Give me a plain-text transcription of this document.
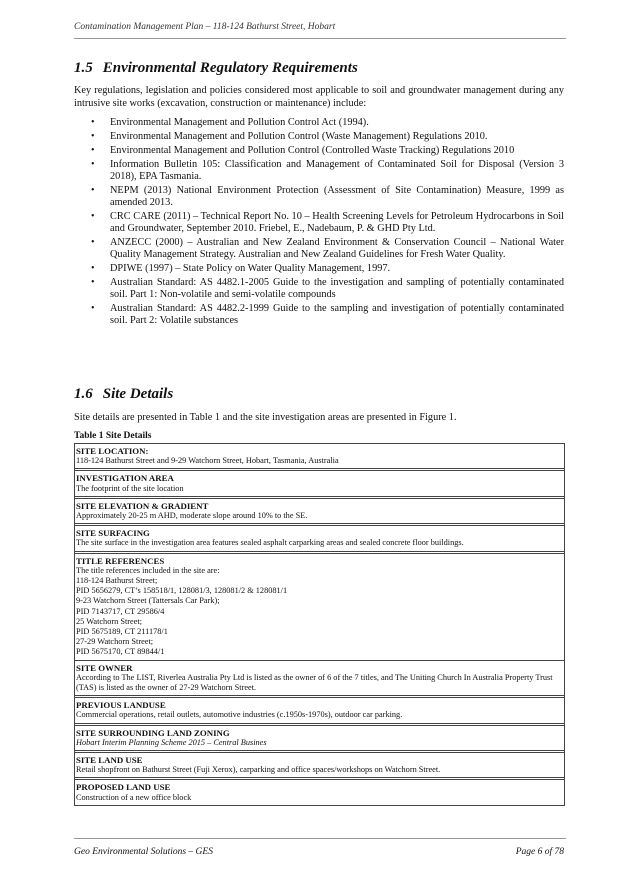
Contamination Management Plan – 118-124 Bathurst Street, Hobart
1.5 Environmental Regulatory Requirements
Key regulations, legislation and policies considered most applicable to soil and groundwater management during any intrusive site works (excavation, construction or maintenance) include:
• Environmental Management and Pollution Control Act (1994).
• Environmental Management and Pollution Control (Waste Management) Regulations 2010.
• Environmental Management and Pollution Control (Controlled Waste Tracking) Regulations 2010
• Information Bulletin 105: Classification and Management of Contaminated Soil for Disposal (Version 3 2018), EPA Tasmania.
• NEPM (2013) National Environment Protection (Assessment of Site Contamination) Measure, 1999 as amended 2013.
• CRC CARE (2011) – Technical Report No. 10 – Health Screening Levels for Petroleum Hydrocarbons in Soil and Groundwater, September 2010. Friebel, E., Nadebaum, P. & GHD Pty Ltd.
• ANZECC (2000) – Australian and New Zealand Environment & Conservation Council – National Water Quality Management Strategy. Australian and New Zealand Guidelines for Fresh Water Quality.
• DPIWE (1997) – State Policy on Water Quality Management, 1997.
• Australian Standard: AS 4482.1-2005 Guide to the investigation and sampling of potentially contaminated soil. Part 1: Non-volatile and semi-volatile compounds
• Australian Standard: AS 4482.2-1999 Guide to the sampling and investigation of potentially contaminated soil. Part 2: Volatile substances
1.6 Site Details
Site details are presented in Table 1 and the site investigation areas are presented in Figure 1.
Table 1 Site Details
SITE LOCATION:
118-124 Bathurst Street and 9-29 Watchorn Street, Hobart, Tasmania, Australia
INVESTIGATION AREA
The footprint of the site location
SITE ELEVATION & GRADIENT
Approximately 20-25 m AHD, moderate slope around 10% to the SE.
SITE SURFACING
The site surface in the investigation area features sealed asphalt carparking areas and sealed concrete floor buildings.
TITLE REFERENCES
The title references included in the site are:
118-124 Bathurst Street;
PID 5656279, CT’s 158518/1, 128081/3, 128081/2 & 128081/1
9-23 Watchorn Street (Tattersals Car Park);
PID 7143717, CT 29586/4
25 Watchorn Street;
PID 5675189, CT 211178/1
27-29 Watchorn Street;
PID 5675170, CT 89844/1
SITE OWNER
According to The LIST, Riverlea Australia Pty Ltd is listed as the owner of 6 of the 7 titles, and The Uniting Church In Australia Property Trust (TAS) is listed as the owner of 27-29 Watchorn Street.
PREVIOUS LANDUSE
Commercial operations, retail outlets, automotive industries (c.1950s-1970s), outdoor car parking.
SITE SURROUNDING LAND ZONING
Hobart Interim Planning Scheme 2015 – Central Busines
SITE LAND USE
Retail shopfront on Bathurst Street (Fuji Xerox), carparking and office spaces/workshops on Watchorn Street.
PROPOSED LAND USE
Construction of a new office block
Geo Environmental Solutions – GES	Page 6 of 78
